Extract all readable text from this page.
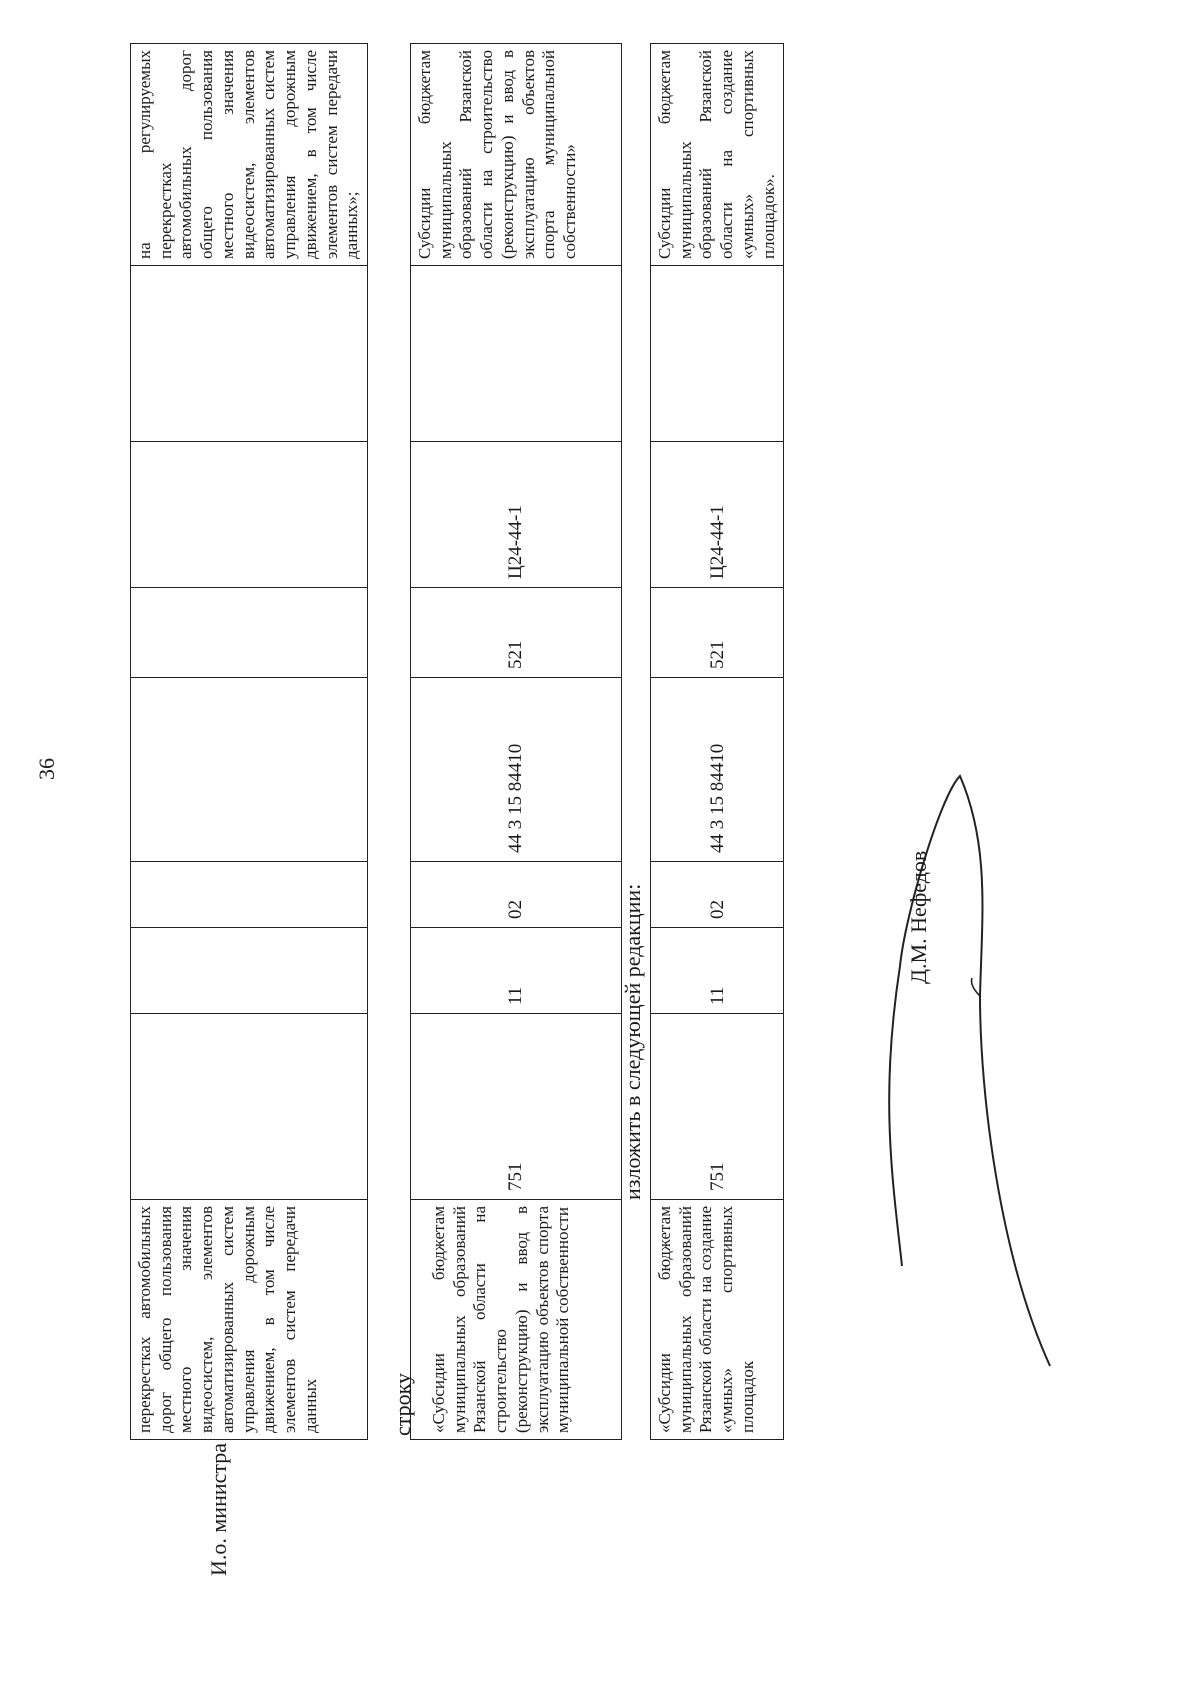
36
перекрестках автомобильных дорог общего пользования местного значения видеосистем, элементов автоматизированных систем управления дорожным движением, в том числе элементов систем передачи данных								на регулируемых перекрестках автомобильных дорог общего пользования местного значения видеосистем, элементов автоматизированных систем управления дорожным движением, в том числе элементов систем передачи данных»;
строку «Субсидии бюджетам муниципальных образований Рязанской области на строительство (реконструкцию) и ввод в эксплуатацию объектов спорта муниципальной собственности	751	11	02	44 3 15 84410	521	Ц24-44-1		Субсидии бюджетам муниципальных образований Рязанской области на строительство (реконструкцию) и ввод в эксплуатацию объектов спорта муниципальной собственности»
изложить в следующей редакции:
«Субсидии бюджетам муниципальных образований Рязанской области на создание «умных» спортивных площадок	751	11	02	44 3 15 84410	521	Ц24-44-1		Субсидии бюджетам муниципальных образований Рязанской области на создание «умных» спортивных площадок».
И.о. министра
Д.М. Нефедов
